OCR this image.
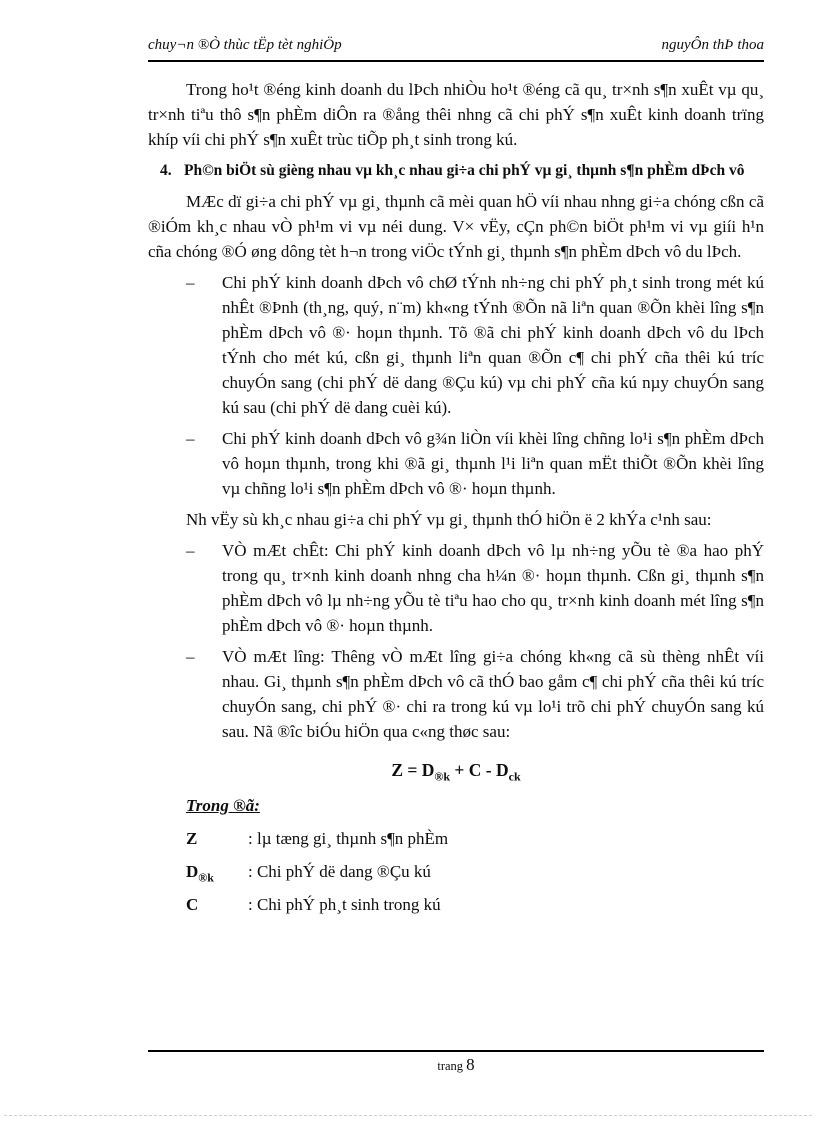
chuy¬n ®Ò thùc tËp tèt nghiÖp	nguyÔn thÞ thoa

Trong ho¹t ®éng kinh doanh du lÞch nhiÒu ho¹t ®éng cã qu¸ tr×nh s¶n xuÊt vµ qu¸ tr×nh tiªu thô s¶n phÈm diÔn ra ®ång thêi nhng cã chi phÝ s¶n xuÊt kinh doanh trïng khíp víi chi phÝ s¶n xuÊt trùc tiÕp ph¸t sinh trong kú.

4. Ph©n biÖt sù gièng nhau vµ kh¸c nhau gi÷a chi phÝ vµ gi¸ thµnh s¶n phÈm dÞch vô

MÆc dï gi÷a chi phÝ vµ gi¸ thµnh cã mèi quan hÖ víi nhau nhng gi÷a chóng cßn cã ®iÓm kh¸c nhau vÒ ph¹m vi vµ néi dung. V× vËy, cÇn ph©n biÖt ph¹m vi vµ giíi h¹n cña chóng ®Ó øng dông tèt h¬n trong viÖc tÝnh gi¸ thµnh s¶n phÈm dÞch vô du lÞch.

–	Chi phÝ kinh doanh dÞch vô chØ tÝnh nh÷ng chi phÝ ph¸t sinh trong mét kú nhÊt ®Þnh (th¸ng, quý, n¨m) kh«ng tÝnh ®Õn nã liªn quan ®Õn khèi lîng s¶n phÈm dÞch vô ®· hoµn thµnh. Tõ ®ã chi phÝ kinh doanh dÞch vô du lÞch tÝnh cho mét kú, cßn gi¸ thµnh liªn quan ®Õn c¶ chi phÝ cña thêi kú tríc chuyÓn sang (chi phÝ dë dang ®Çu kú) vµ chi phÝ cña kú nµy chuyÓn sang kú sau (chi phÝ dë dang cuèi kú).
–	Chi phÝ kinh doanh dÞch vô g¾n liÒn víi khèi lîng chñng lo¹i s¶n phÈm dÞch vô hoµn thµnh, trong khi ®ã gi¸ thµnh l¹i liªn quan mËt thiÕt ®Õn khèi lîng vµ chñng lo¹i s¶n phÈm dÞch vô ®· hoµn thµnh.

Nh vËy sù kh¸c nhau gi÷a chi phÝ vµ gi¸ thµnh thÓ hiÖn ë 2 khÝa c¹nh sau:

–	VÒ mÆt chÊt: Chi phÝ kinh doanh dÞch vô lµ nh÷ng yÕu tè ®a hao phÝ trong qu¸ tr×nh kinh doanh nhng cha h¼n ®· hoµn thµnh. Cßn gi¸ thµnh s¶n phÈm dÞch vô lµ nh÷ng yÕu tè tiªu hao cho qu¸ tr×nh kinh doanh mét lîng s¶n phÈm dÞch vô ®· hoµn thµnh.
–	VÒ mÆt lîng: Thêng vÒ mÆt lîng gi÷a chóng kh«ng cã sù thèng nhÊt víi nhau. Gi¸ thµnh s¶n phÈm dÞch vô cã thÓ bao gåm c¶ chi phÝ cña thêi kú tríc chuyÓn sang, chi phÝ ®· chi ra trong kú vµ lo¹i trõ chi phÝ chuyÓn sang kú sau. Nã ®îc biÓu hiÖn qua c«ng thøc sau:
$Z = D_{®k} + C - D_{ck}$

Trong ®ã:

Z	: lµ tæng gi¸ thµnh s¶n phÈm
$D_{®k}$	: Chi phÝ dë dang ®Çu kú
C	: Chi phÝ ph¸t sinh trong kú
trang 8
